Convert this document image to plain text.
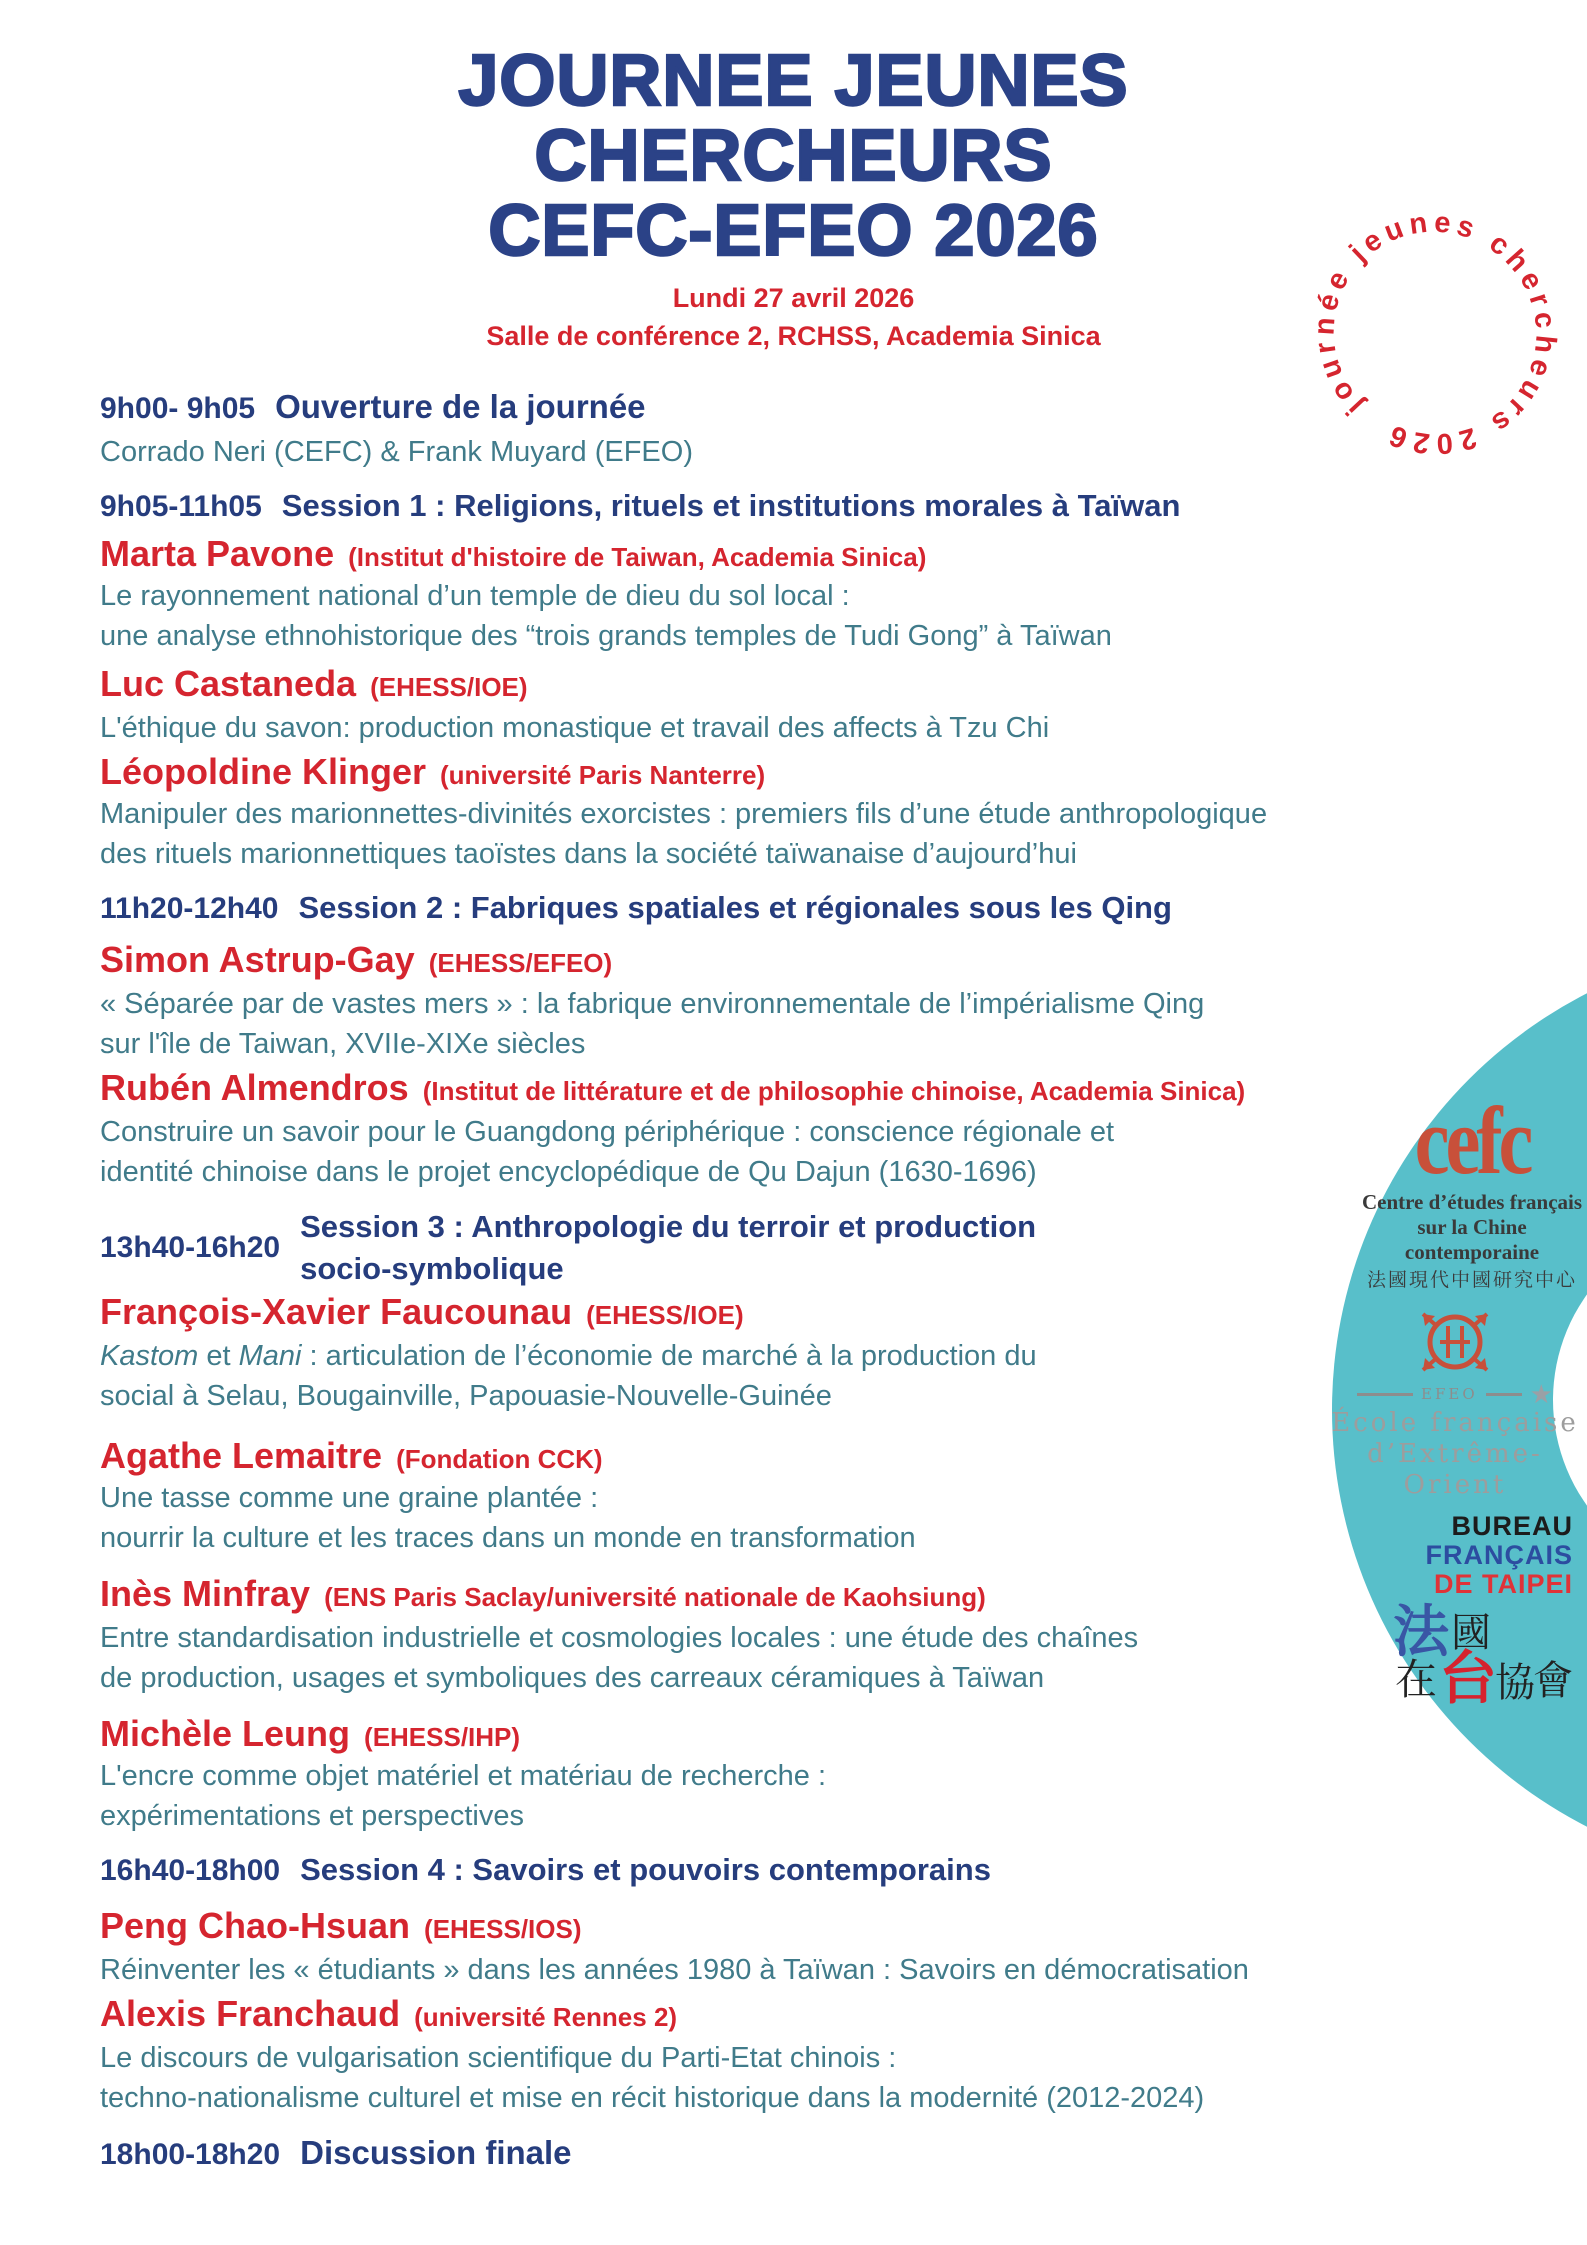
JOURNEE JEUNES
CHERCHEURS
CEFC-EFEO 2026
Lundi 27 avril 2026
Salle de conférence 2, RCHSS, Academia Sinica
journée jeunes chercheurs 2026
9h00- 9h05 Ouverture de la journée
Corrado Neri (CEFC) & Frank Muyard (EFEO)
9h05-11h05 Session 1 : Religions, rituels et institutions morales à Taïwan
Marta Pavone (Institut d'histoire de Taiwan, Academia Sinica)
Le rayonnement national d’un temple de dieu du sol local :
une analyse ethnohistorique des “trois grands temples de Tudi Gong” à Taïwan
Luc Castaneda (EHESS/IOE)
L'éthique du savon: production monastique et travail des affects à Tzu Chi
Léopoldine Klinger (université Paris Nanterre)
Manipuler des marionnettes-divinités exorcistes : premiers fils d’une étude anthropologique
des rituels marionnettiques taoïstes dans la société taïwanaise d’aujourd’hui
11h20-12h40 Session 2 : Fabriques spatiales et régionales sous les Qing
Simon Astrup-Gay (EHESS/EFEO)
« Séparée par de vastes mers » : la fabrique environnementale de l’impérialisme Qing
sur l'île de Taiwan, XVIIe-XIXe siècles
Rubén Almendros (Institut de littérature et de philosophie chinoise, Academia Sinica)
Construire un savoir pour le Guangdong périphérique : conscience régionale et
identité chinoise dans le projet encyclopédique de Qu Dajun (1630-1696)
13h40-16h20
Session 3 : Anthropologie du terroir et production
socio-symbolique
François-Xavier Faucounau (EHESS/IOE)
Kastom et Mani : articulation de l’économie de marché à la production du
social à Selau, Bougainville, Papouasie-Nouvelle-Guinée
Agathe Lemaitre (Fondation CCK)
Une tasse comme une graine plantée :
nourrir la culture et les traces dans un monde en transformation
Inès Minfray (ENS Paris Saclay/université nationale de Kaohsiung)
Entre standardisation industrielle et cosmologies locales : une étude des chaînes
de production, usages et symboliques des carreaux céramiques à Taïwan
Michèle Leung (EHESS/IHP)
L'encre comme objet matériel et matériau de recherche :
expérimentations et perspectives
16h40-18h00 Session 4 : Savoirs et pouvoirs contemporains
Peng Chao-Hsuan (EHESS/IOS)
Réinventer les « étudiants » dans les années 1980 à Taïwan : Savoirs en démocratisation
Alexis Franchaud (université Rennes 2)
Le discours de vulgarisation scientifique du Parti-Etat chinois :
techno-nationalisme culturel et mise en récit historique dans la modernité (2012-2024)
18h00-18h20 Discussion finale
cefc
Centre d’études français
sur la Chine contemporaine
法國現代中國研究中心
EFEO ★
École française
d’Extrême-Orient
BUREAU
FRANÇAIS
DE TAIPEI
法 國
在 台
協
會
